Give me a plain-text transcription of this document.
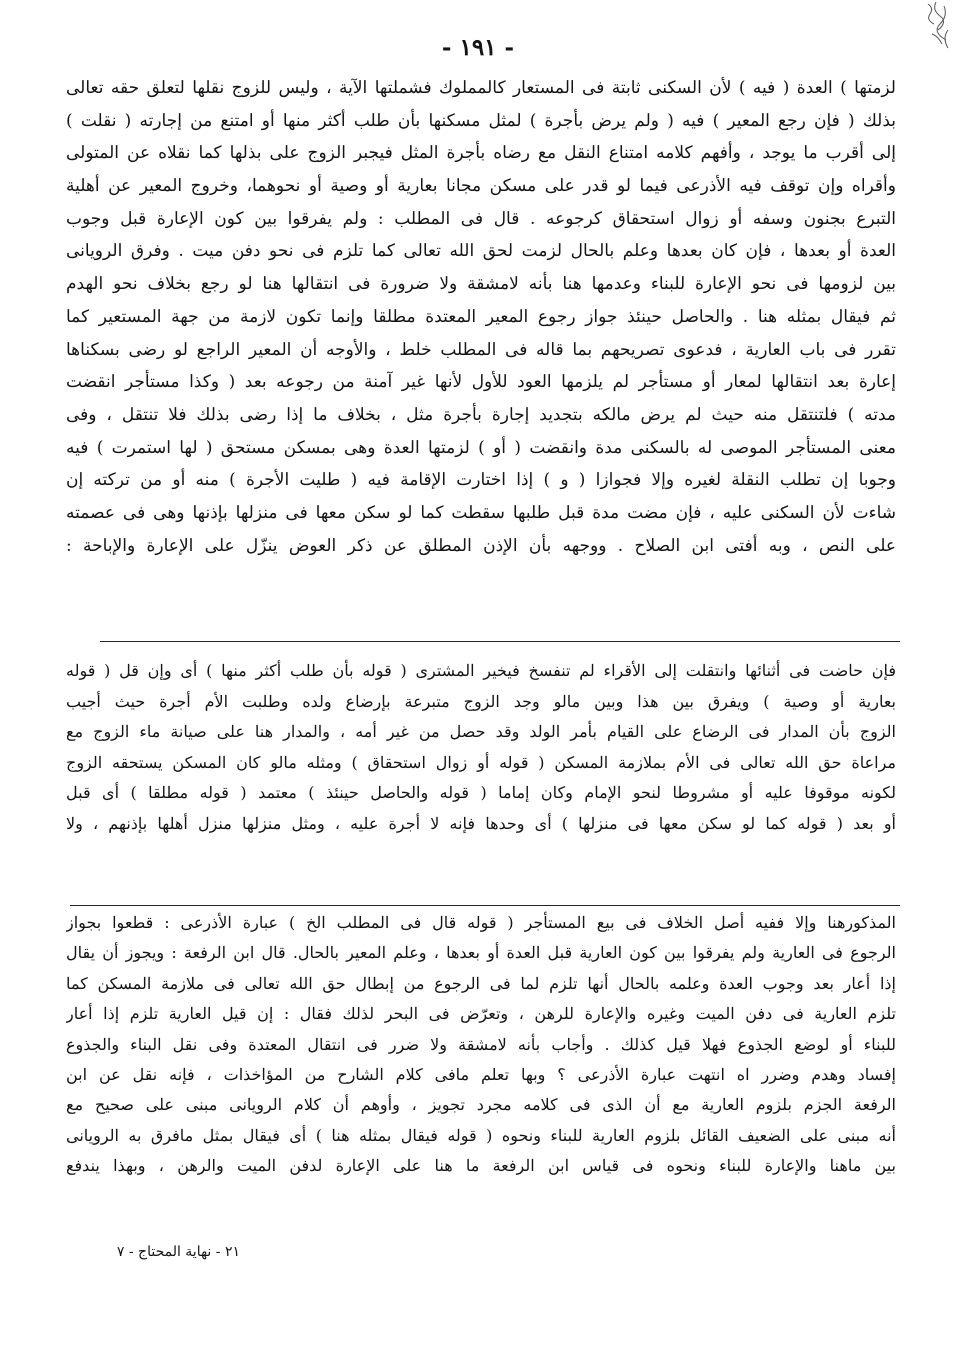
- ١٩١ -
لزمتها ) العدة ( فيه ) لأن السكنى ثابتة فى المستعار كالمملوك فشملتها الآية ، وليس للزوج نقلها لتعلق حقه تعالى
بذلك ( فإن رجع المعير ) فيه ( ولم يرض بأجرة ) لمثل مسكنها بأن طلب أكثر منها أو امتنع من إجارته ( نقلت )
إلى أقرب ما يوجد ، وأفهم كلامه امتناع النقل مع رضاه بأجرة المثل فيجبر الزوج على بذلها كما نقلاه عن المتولى
وأقراه وإن توقف فيه الأذرعى فيما لو قدر على مسكن مجانا بعارية أو وصية أو نحوهما، وخروج المعير عن أهلية
التبرع بجنون وسفه أو زوال استحقاق كرجوعه . قال فى المطلب : ولم يفرقوا بين كون الإعارة قبل وجوب
العدة أو بعدها ، فإن كان بعدها وعلم بالحال لزمت لحق الله تعالى كما تلزم فى نحو دفن ميت . وفرق الرويانى
بين لزومها فى نحو الإعارة للبناء وعدمها هنا بأنه لامشقة ولا ضرورة فى انتقالها هنا لو رجع بخلاف نحو الهدم
ثم فيقال بمثله هنا . والحاصل حينئذ جواز رجوع المعير المعتدة مطلقا وإنما تكون لازمة من جهة المستعير كما
تقرر فى باب العارية ، فدعوى تصريحهم بما قاله فى المطلب خلط ، والأوجه أن المعير الراجع لو رضى بسكناها
إعارة بعد انتقالها لمعار أو مستأجر لم يلزمها العود للأول لأنها غير آمنة من رجوعه بعد ( وكذا مستأجر انقضت
مدته ) فلتنتقل منه حيث لم يرض مالكه بتجديد إجارة بأجرة مثل ، بخلاف ما إذا رضى بذلك فلا تنتقل ، وفى
معنى المستأجر الموصى له بالسكنى مدة وانقضت ( أو ) لزمتها العدة وهى بمسكن مستحق ( لها استمرت ) فيه
وجوبا إن تطلب النقلة لغيره وإلا فجوازا ( و ) إذا اختارت الإقامة فيه ( طليت الأجرة ) منه أو من تركته إن
شاءت لأن السكنى عليه ، فإن مضت مدة قبل طلبها سقطت كما لو سكن معها فى منزلها بإذنها وهى فى عصمته
على النص ، وبه أفتى ابن الصلاح . ووجهه بأن الإذن المطلق عن ذكر العوض ينزّل على الإعارة والإباحة :
فإن حاضت فى أثنائها وانتقلت إلى الأقراء لم تنفسخ فيخير المشترى ( قوله بأن طلب أكثر منها ) أى وإن قل ( قوله
بعارية أو وصية ) ويفرق بين هذا وبين مالو وجد الزوج متبرعة بإرضاع ولده وطلبت الأم أجرة حيث أجيب
الزوج بأن المدار فى الرضاع على القيام بأمر الولد وقد حصل من غير أمه ، والمدار هنا على صيانة ماء الزوج مع
مراعاة حق الله تعالى فى الأم بملازمة المسكن ( قوله أو زوال استحقاق ) ومثله مالو كان المسكن يستحقه الزوج
لكونه موقوفا عليه أو مشروطا لنحو الإمام وكان إماما ( قوله والحاصل حينئذ ) معتمد ( قوله مطلقا ) أى قبل
أو بعد ( قوله كما لو سكن معها فى منزلها ) أى وحدها فإنه لا أجرة عليه ، ومثل منزلها منزل أهلها بإذنهم ، ولا
المذكورهنا وإلا ففيه أصل الخلاف فى بيع المستأجر ( قوله قال فى المطلب الخ ) عبارة الأذرعى : قطعوا بجواز
الرجوع فى العارية ولم يفرقوا بين كون العارية قبل العدة أو بعدها ، وعلم المعير بالحال. قال ابن الرفعة : ويجوز أن يقال
إذا أعار بعد وجوب العدة وعلمه بالحال أنها تلزم لما فى الرجوع من إبطال حق الله تعالى فى ملازمة المسكن كما
تلزم العارية فى دفن الميت وغيره والإعارة للرهن ، وتعرّض فى البحر لذلك فقال : إن قيل العارية تلزم إذا أعار
للبناء أو لوضع الجذوع فهلا قيل كذلك . وأجاب بأنه لامشقة ولا ضرر فى انتقال المعتدة وفى نقل البناء والجذوع
إفساد وهدم وضرر اه انتهت عبارة الأذرعى ؟ وبها تعلم مافى كلام الشارح من المؤاخذات ، فإنه نقل عن ابن
الرفعة الجزم بلزوم العارية مع أن الذى فى كلامه مجرد تجويز ، وأوهم أن كلام الرويانى مبنى على صحيح مع
أنه مبنى على الضعيف القائل بلزوم العارية للبناء ونحوه ( قوله فيقال بمثله هنا ) أى فيقال بمثل مافرق به الرويانى
بين ماهنا والإعارة للبناء ونحوه فى قياس ابن الرفعة ما هنا على الإعارة لدفن الميت والرهن ، وبهذا يندفع
٢١ - نهاية المحتاج - ٧
